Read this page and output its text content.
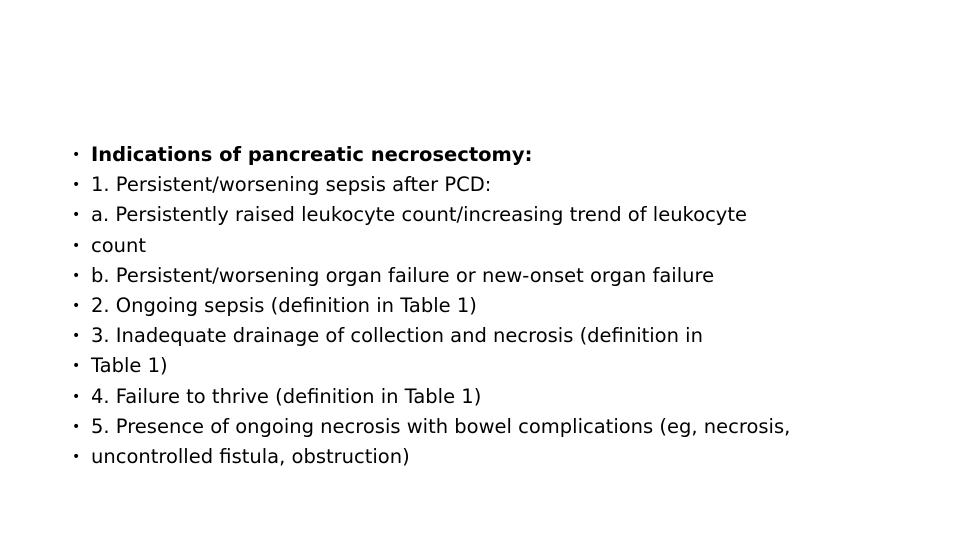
• Indications of pancreatic necrosectomy:
• 1. Persistent/worsening sepsis after PCD:
• a. Persistently raised leukocyte count/increasing trend of leukocyte
• count
• b. Persistent/worsening organ failure or new-onset organ failure
• 2. Ongoing sepsis (definition in Table 1)
• 3. Inadequate drainage of collection and necrosis (definition in
• Table 1)
• 4. Failure to thrive (definition in Table 1)
• 5. Presence of ongoing necrosis with bowel complications (eg, necrosis,
• uncontrolled fistula, obstruction)
